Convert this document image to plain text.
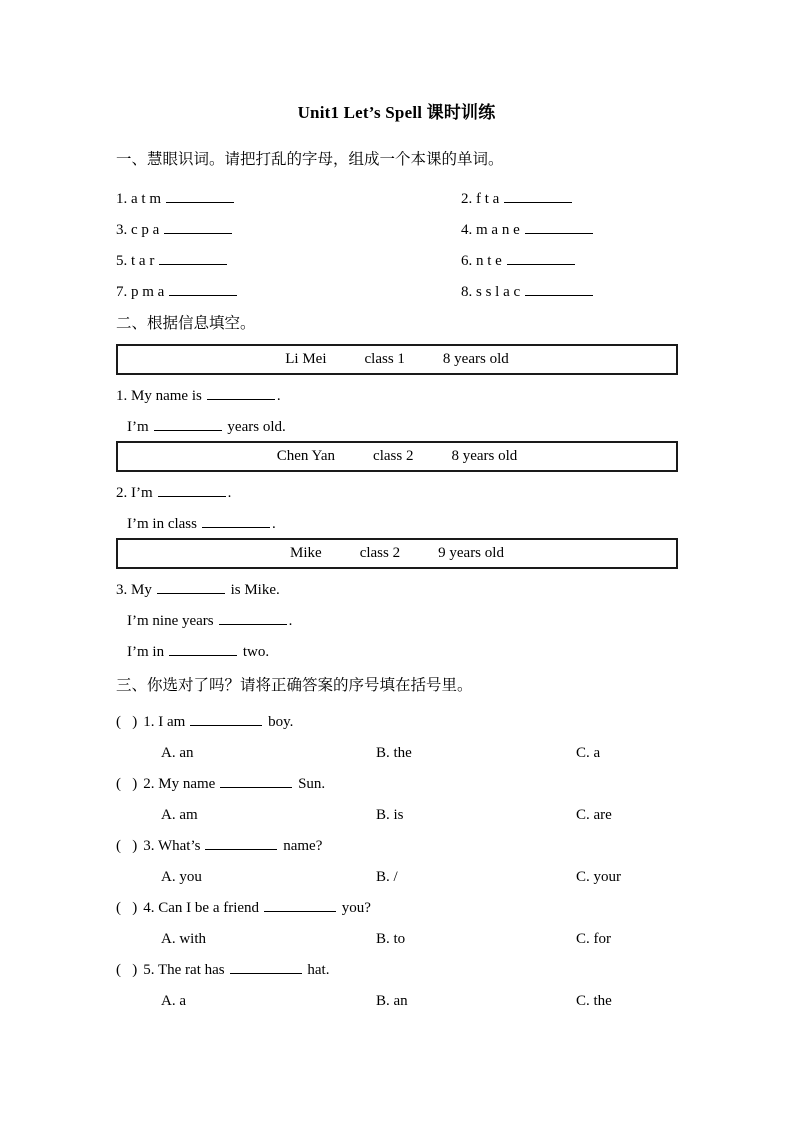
Unit1 Let’s Spell 课时训练
一、慧眼识词。请把打乱的字母，组成一个本课的单词。
1. a t m	2. f t a
3. c p a	4. m a n e
5. t a r	6. n t e
7. p m a	8. s s l a c
二、根据信息填空。
Li Mei	class 1	8 years old
1. My name is	.
I’m	years old.
Chen Yan	class 2	8 years old
2. I’m	.
I’m in class	.
Mike	class 2	9 years old
3. My	is Mike.
I’m nine years	.
I’m in	two.
三、你选对了吗？请将正确答案的序号填在括号里。
(   ) 1. I am	boy.
A. an	B. the	C. a
(   ) 2. My name	Sun.
A. am	B. is	C. are
(   ) 3. What’s	name?
A. you	B. /	C. your
(   ) 4. Can I be a friend	you?
A. with	B. to	C. for
(   ) 5. The rat has	hat.
A. a	B. an	C. the
